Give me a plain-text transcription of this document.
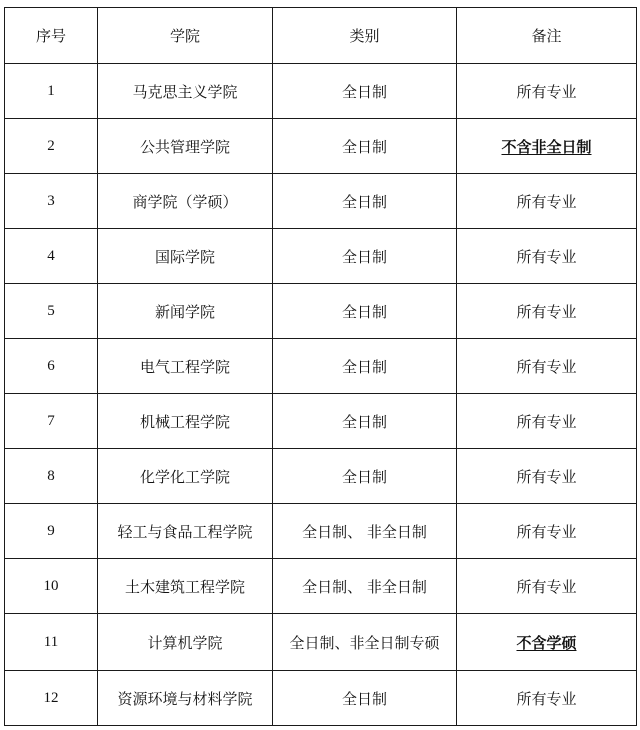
序号	学院	类别	备注
1	马克思主义学院	全日制	所有专业
2	公共管理学院	全日制	不含非全日制
3	商学院（学硕）	全日制	所有专业
4	国际学院	全日制	所有专业
5	新闻学院	全日制	所有专业
6	电气工程学院	全日制	所有专业
7	机械工程学院	全日制	所有专业
8	化学化工学院	全日制	所有专业
9	轻工与食品工程学院	全日制、 非全日制	所有专业
10	土木建筑工程学院	全日制、 非全日制	所有专业
11	计算机学院	全日制、非全日制专硕	不含学硕
12	资源环境与材料学院	全日制	所有专业
